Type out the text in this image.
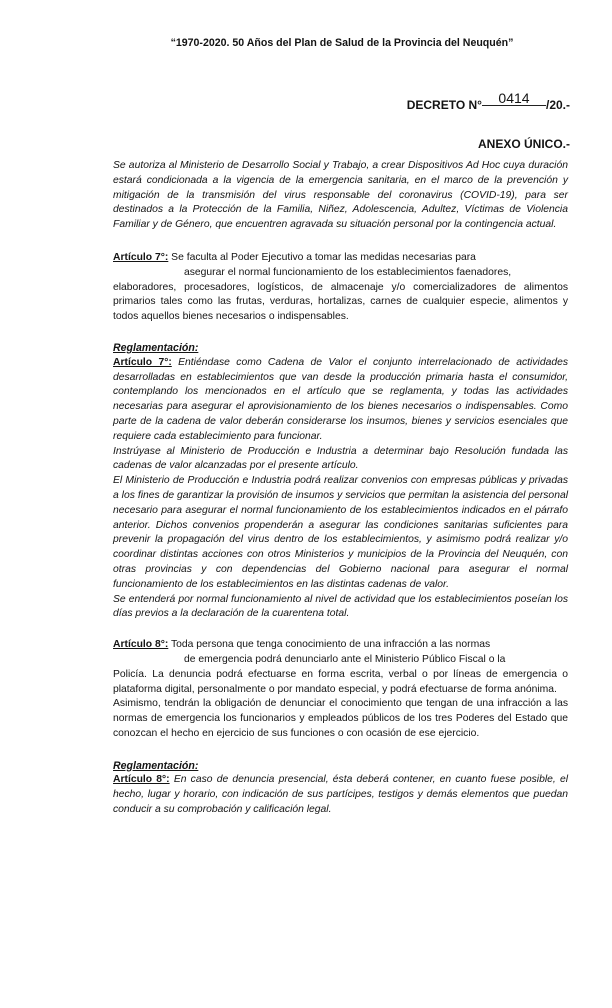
“1970-2020. 50 Años del Plan de Salud de la Provincia del Neuquén”
DECRETO N° 0414 /20.-
ANEXO ÚNICO.-

Se autoriza al Ministerio de Desarrollo Social y Trabajo, a crear Dispositivos Ad Hoc cuya duración estará condicionada a la vigencia de la emergencia sanitaria, en el marco de la prevención y mitigación de la transmisión del virus responsable del coronavirus (COVID-19), para ser destinados a la Protección de la Familia, Niñez, Adolescencia, Adultez, Víctimas de Violencia Familiar y de Género, que encuentren agravada su situación personal por la contingencia actual.

Artículo 7°: Se faculta al Poder Ejecutivo a tomar las medidas necesarias para
asegurar el normal funcionamiento de los establecimientos faenadores,
elaboradores, procesadores, logísticos, de almacenaje y/o comercializadores de alimentos primarios tales como las frutas, verduras, hortalizas, carnes de cualquier especie, alimentos y todos aquellos bienes necesarios o indispensables.

Reglamentación:

Artículo 7°: Entiéndase como Cadena de Valor el conjunto interrelacionado de actividades desarrolladas en establecimientos que van desde la producción primaria hasta el consumidor, contemplando los mencionados en el artículo que se reglamenta, y todas las actividades necesarias para asegurar el aprovisionamiento de los bienes necesarios o indispensables. Como parte de la cadena de valor deberán considerarse los insumos, bienes y servicios esenciales que requiere cada establecimiento para funcionar.

Instrúyase al Ministerio de Producción e Industria a determinar bajo Resolución fundada las cadenas de valor alcanzadas por el presente artículo.

El Ministerio de Producción e Industria podrá realizar convenios con empresas públicas y privadas a los fines de garantizar la provisión de insumos y servicios que permitan la asistencia del personal necesario para asegurar el normal funcionamiento de los establecimientos indicados en el párrafo anterior. Dichos convenios propenderán a asegurar las condiciones sanitarias suficientes para prevenir la propagación del virus dentro de los establecimientos, y asimismo podrá realizar y/o coordinar distintas acciones con otros Ministerios y municipios de la Provincia del Neuquén, con otras provincias y con dependencias del Gobierno nacional para asegurar el normal funcionamiento de los establecimientos en las distintas cadenas de valor.

Se entenderá por normal funcionamiento al nivel de actividad que los establecimientos poseían los días previos a la declaración de la cuarentena total.

Artículo 8°: Toda persona que tenga conocimiento de una infracción a las normas
de emergencia podrá denunciarlo ante el Ministerio Público Fiscal o la
Policía. La denuncia podrá efectuarse en forma escrita, verbal o por líneas de emergencia o plataforma digital, personalmente o por mandato especial, y podrá efectuarse de forma anónima.

Asimismo, tendrán la obligación de denunciar el conocimiento que tengan de una infracción a las normas de emergencia los funcionarios y empleados públicos de los tres Poderes del Estado que conozcan el hecho en ejercicio de sus funciones o con ocasión de ese ejercicio.

Reglamentación:

Artículo 8°: En caso de denuncia presencial, ésta deberá contener, en cuanto fuese posible, el hecho, lugar y horario, con indicación de sus partícipes, testigos y demás elementos que puedan conducir a su comprobación y calificación legal.
